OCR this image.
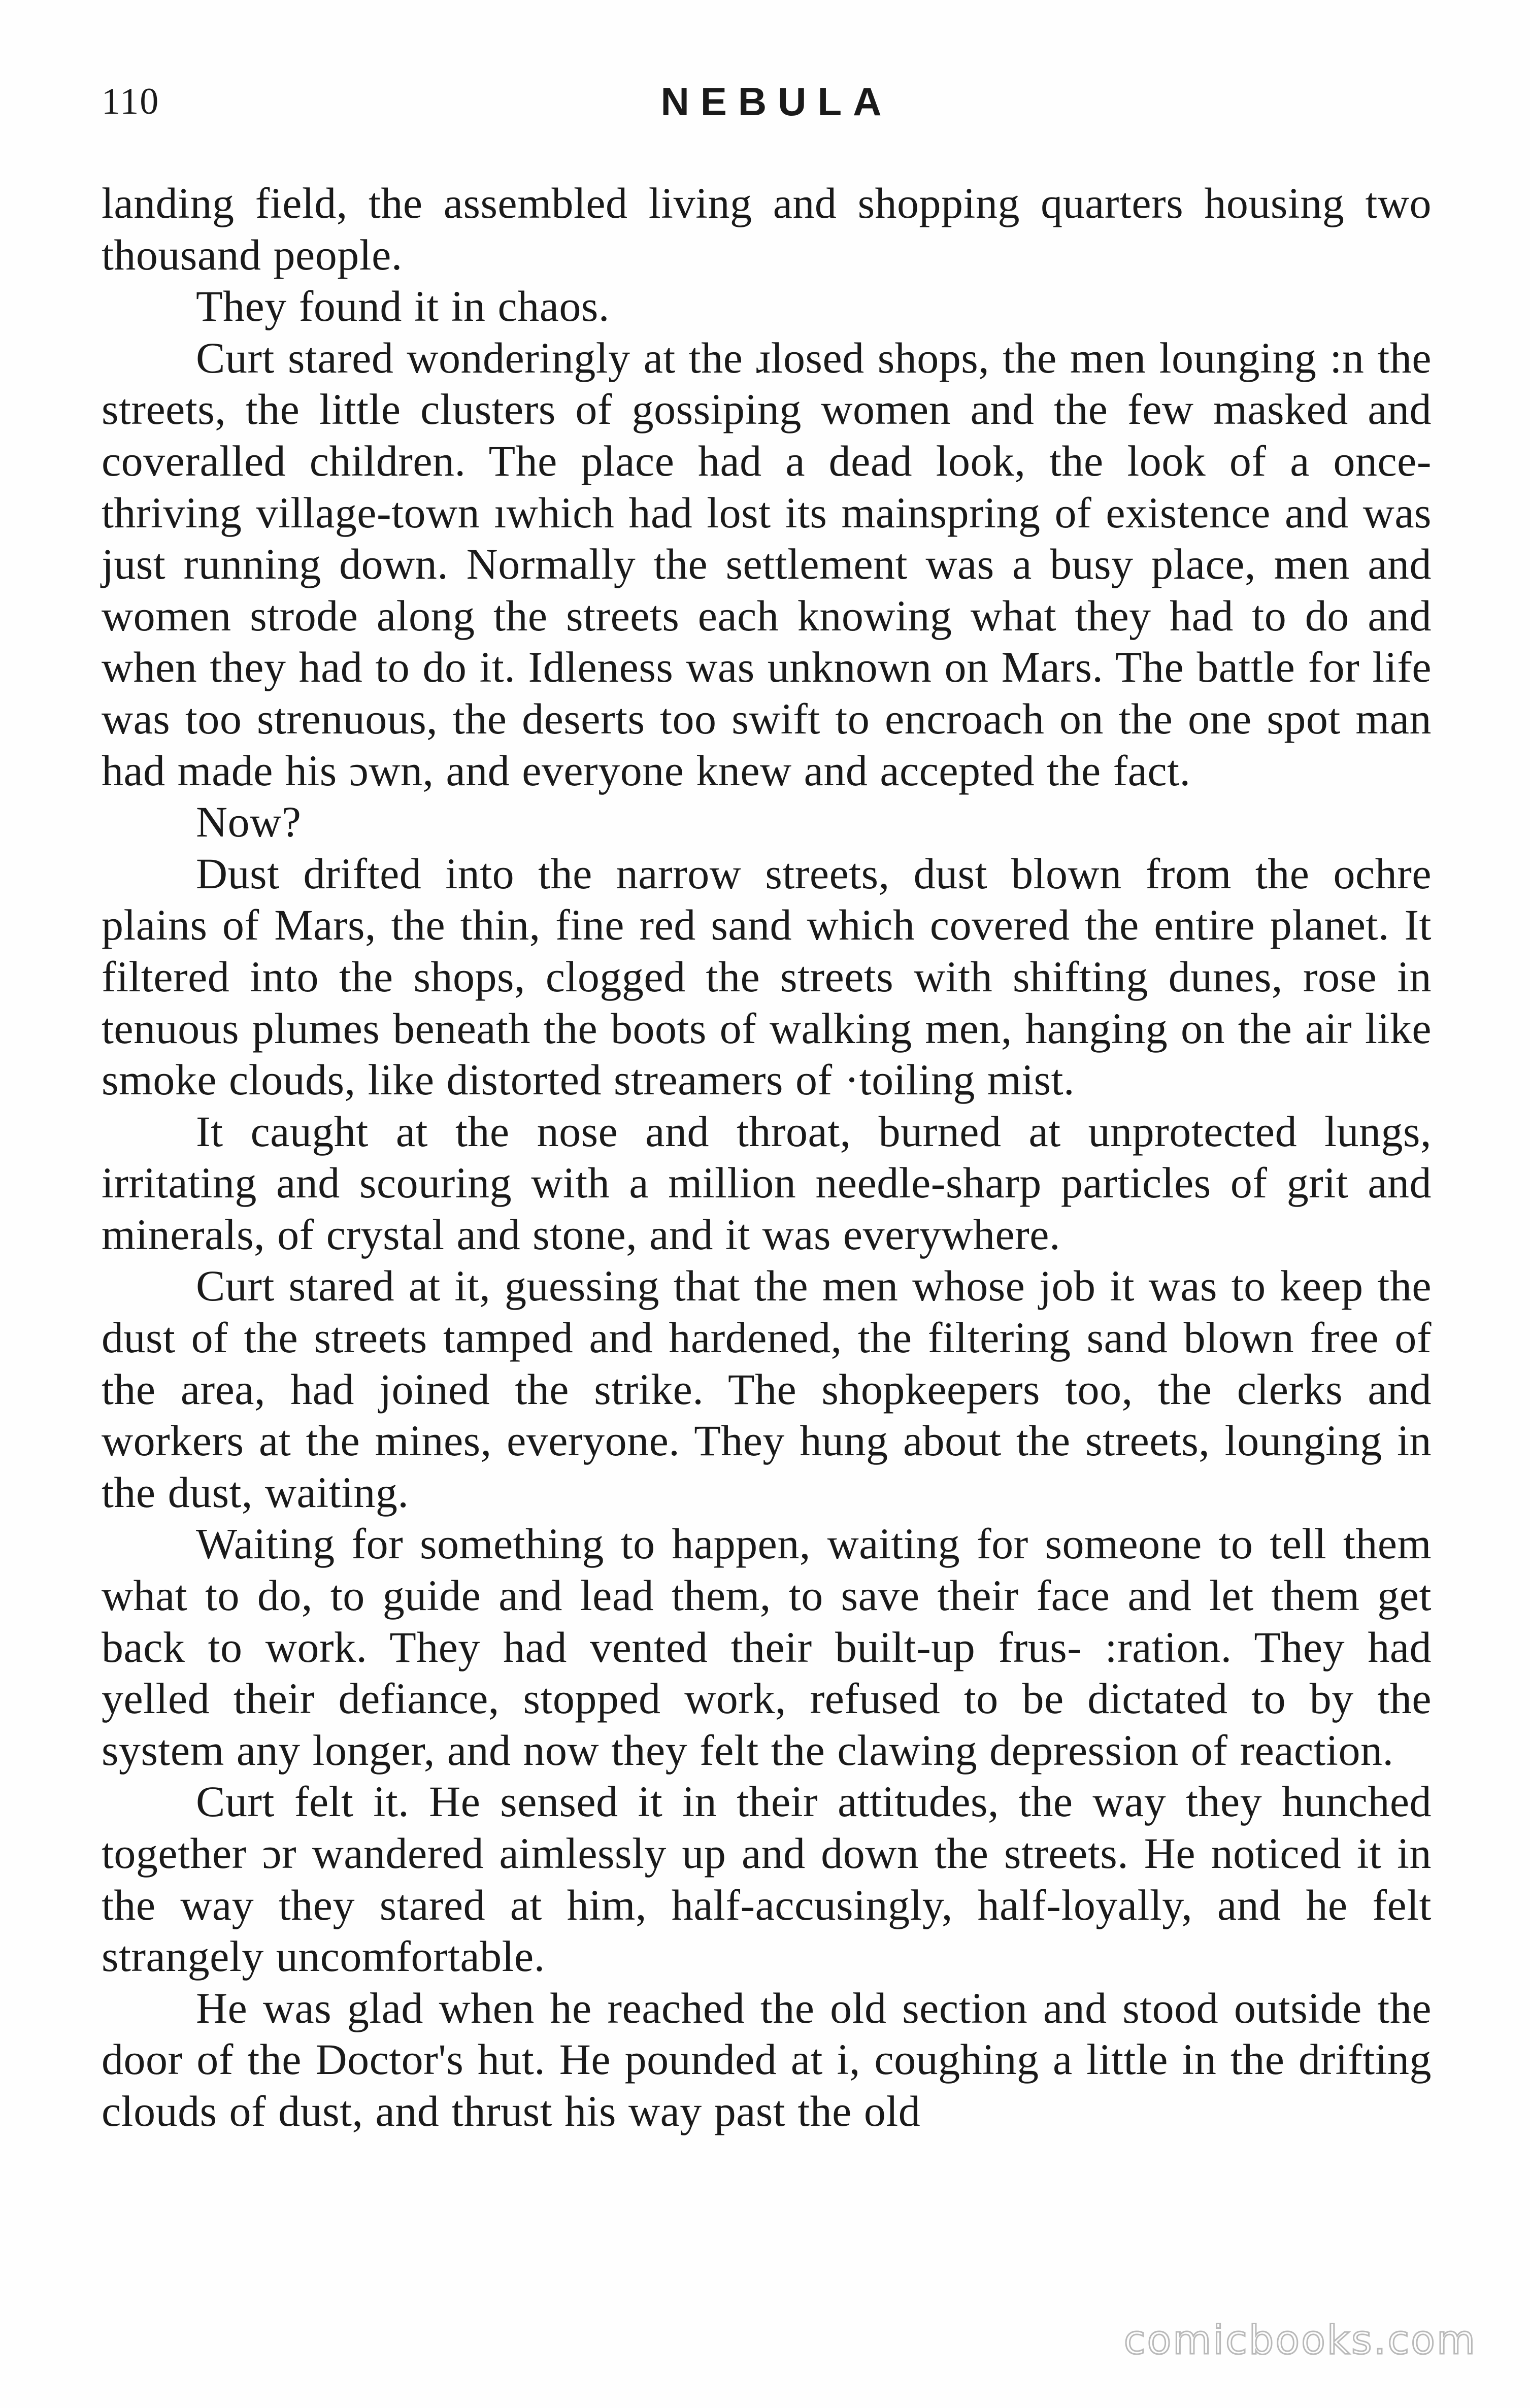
110	NEBULA

landing field, the assembled living and shopping quarters housing two thousand people.

They found it in chaos.

Curt stared wonderingly at the ɹlosed shops, the men lounging :n the streets, the little clusters of gossiping women and the few masked and coveralled children. The place had a dead look, the look of a once-thriving village-town ıwhich had lost its mainspring of existence and was just running down. Normally the settlement was a busy place, men and women strode along the streets each knowing what they had to do and when they had to do it. Idleness was unknown on Mars. The battle for life was too strenuous, the deserts too swift to encroach on the one spot man had made his ɔwn, and everyone knew and accepted the fact.

Now?

Dust drifted into the narrow streets, dust blown from the ochre plains of Mars, the thin, fine red sand which covered the entire planet. It filtered into the shops, clogged the streets with shifting dunes, rose in tenuous plumes beneath the boots of walking men, hanging on the air like smoke clouds, like distorted streamers of ·toiling mist.

It caught at the nose and throat, burned at unprotected lungs, irritating and scouring with a million needle-sharp particles of grit and minerals, of crystal and stone, and it was everywhere.

Curt stared at it, guessing that the men whose job it was to keep the dust of the streets tamped and hardened, the filtering sand blown free of the area, had joined the strike. The shopkeepers too, the clerks and workers at the mines, everyone. They hung about the streets, lounging in the dust, waiting.

Waiting for something to happen, waiting for someone to tell them what to do, to guide and lead them, to save their face and let them get back to work. They had vented their built-up frus- :ration. They had yelled their defiance, stopped work, refused to be dictated to by the system any longer, and now they felt the clawing depression of reaction.

Curt felt it. He sensed it in their attitudes, the way they hunched together ɔr wandered aimlessly up and down the streets. He noticed it in the way they stared at him, half-accusingly, half-loyally, and he felt strangely uncomfortable.

He was glad when he reached the old section and stood outside the door of the Doctor's hut. He pounded at i, coughing a little in the drifting clouds of dust, and thrust his way past the old

comicbooks.com
